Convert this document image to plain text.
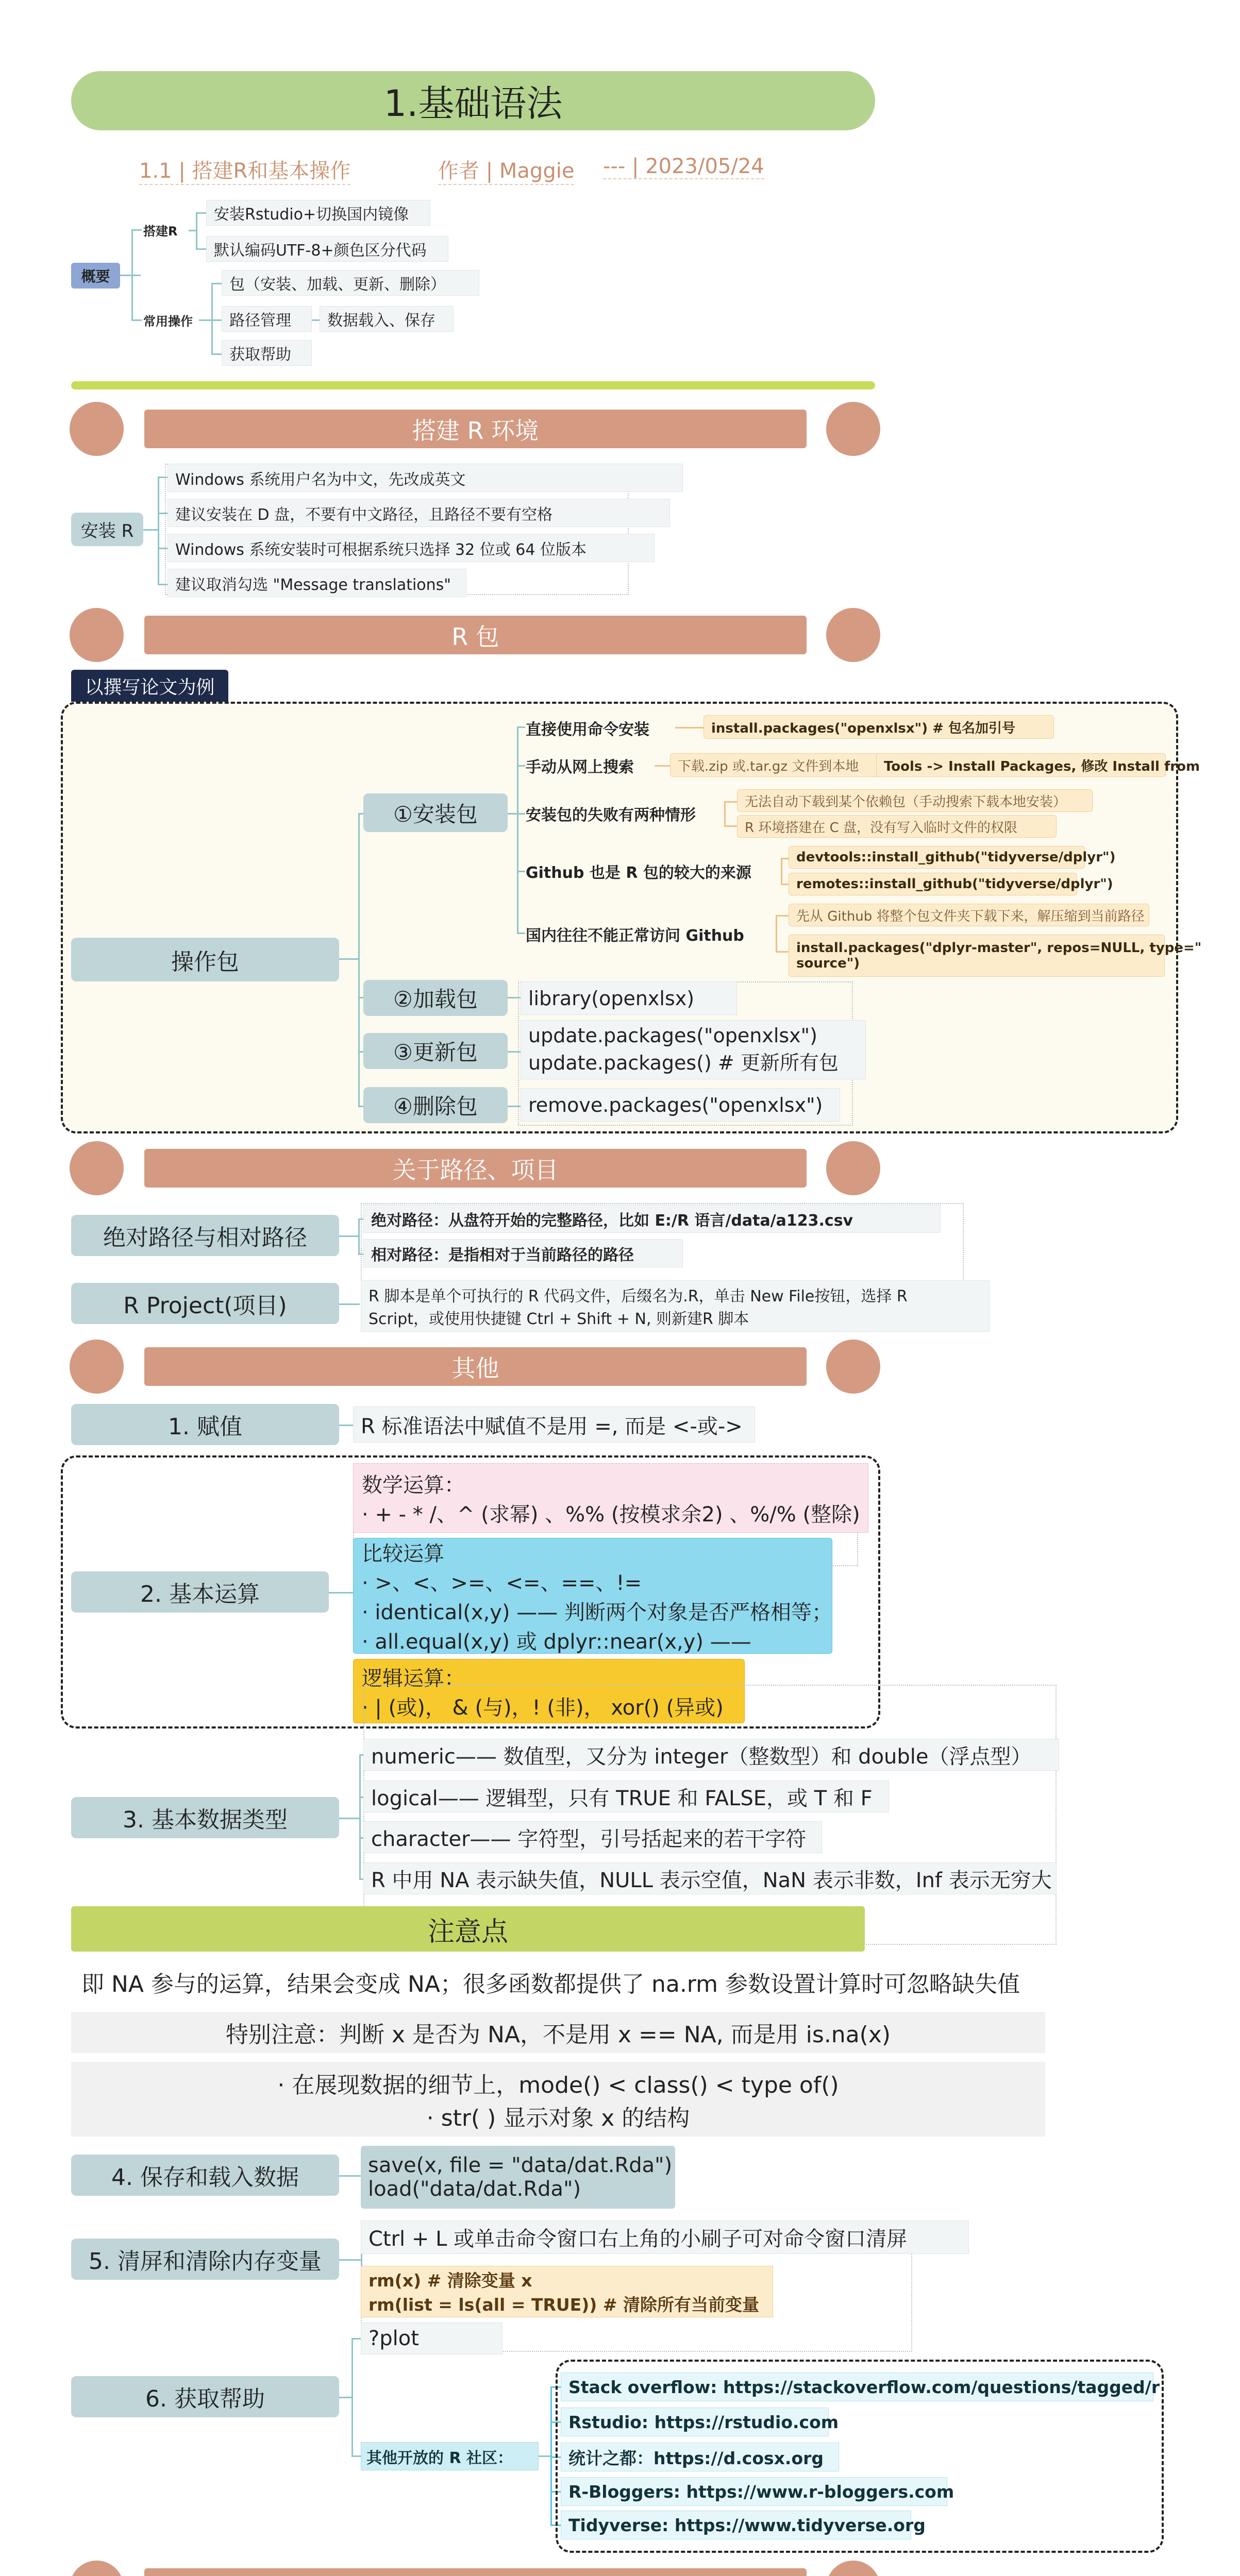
1.基础语法
1.1 | 搭建R和基本操作	作者 | Maggie --- | 2023/05/24
概要
搭建R
安装Rstudio+切换国内镜像
默认编码UTF-8+颜色区分代码
常用操作
包（安装、加载、更新、删除）
路径管理	数据载入、保存
获取帮助
搭建 R 环境
安装 R
Windows 系统用户名为中文，先改成英文
建议安装在 D 盘，不要有中文路径，且路径不要有空格
Windows 系统安装时可根据系统只选择 32 位或 64 位版本
建议取消勾选 "Message translations"
R 包
以撰写论文为例
操作包
①安装包
直接使用命令安装	install.packages("openxlsx") # 包名加引号
手动从网上搜索	下载.zip 或.tar.gz 文件到本地	Tools -> Install Packages, 修改 Install from
安装包的失败有两种情形
无法自动下载到某个依赖包（手动搜索下载本地安装）
R 环境搭建在 C 盘，没有写入临时文件的权限
Github 也是 R 包的较大的来源
devtools::install_github("tidyverse/dplyr")
remotes::install_github("tidyverse/dplyr")
国内往往不能正常访问 Github
先从 Github 将整个包文件夹下载下来，解压缩到当前路径
install.packages("dplyr-master", repos=NULL, type="
source")
②加载包	library(openxlsx)
③更新包
update.packages("openxlsx")
update.packages() # 更新所有包
④删除包	remove.packages("openxlsx")
关于路径、项目
绝对路径与相对路径
绝对路径：从盘符开始的完整路径，比如 E:/R 语言/data/a123.csv
相对路径：是指相对于当前路径的路径
R Project(项目)	R 脚本是单个可执行的 R 代码文件，后缀名为.R，单击 New File按钮，选择 R
Script，或使用快捷键 Ctrl + Shift + N, 则新建R 脚本
其他
1. 赋值	R 标准语法中赋值不是用 =, 而是 <-或->
2. 基本运算
数学运算：
· + - * /、^ (求幂) 、%% (按模求余2) 、%/% (整除)
比较运算
· >、<、>=、<=、==、!=
· identical(x,y) —— 判断两个对象是否严格相等；
· all.equal(x,y) 或 dplyr::near(x,y) ——
逻辑运算：
· | (或)， & (与)，! (非)， xor() (异或)
3. 基本数据类型
numeric—— 数值型，又分为 integer（整数型）和 double（浮点型）
logical—— 逻辑型，只有 TRUE 和 FALSE，或 T 和 F
character—— 字符型，引号括起来的若干字符
R 中用 NA 表示缺失值，NULL 表示空值，NaN 表示非数，Inf 表示无穷大
注意点
即 NA 参与的运算，结果会变成 NA；很多函数都提供了 na.rm 参数设置计算时可忽略缺失值
特别注意：判断 x 是否为 NA，不是用 x == NA, 而是用 is.na(x)
· 在展现数据的细节上，mode() < class() < type of()
· str( ) 显示对象 x 的结构
4. 保存和载入数据	save(x, file = "data/dat.Rda")
load("data/dat.Rda")
5. 清屏和清除内存变量
Ctrl + L 或单击命令窗口右上角的小刷子可对命令窗口清屏
rm(x) # 清除变量 x
rm(list = ls(all = TRUE)) # 清除所有当前变量
6. 获取帮助
?plot
其他开放的 R 社区：
Stack overflow: https://stackoverflow.com/questions/tagged/r
Rstudio: https://rstudio.com
统计之都：https://d.cosx.org
R-Bloggers: https://www.r-bloggers.com
Tidyverse: https://www.tidyverse.org
